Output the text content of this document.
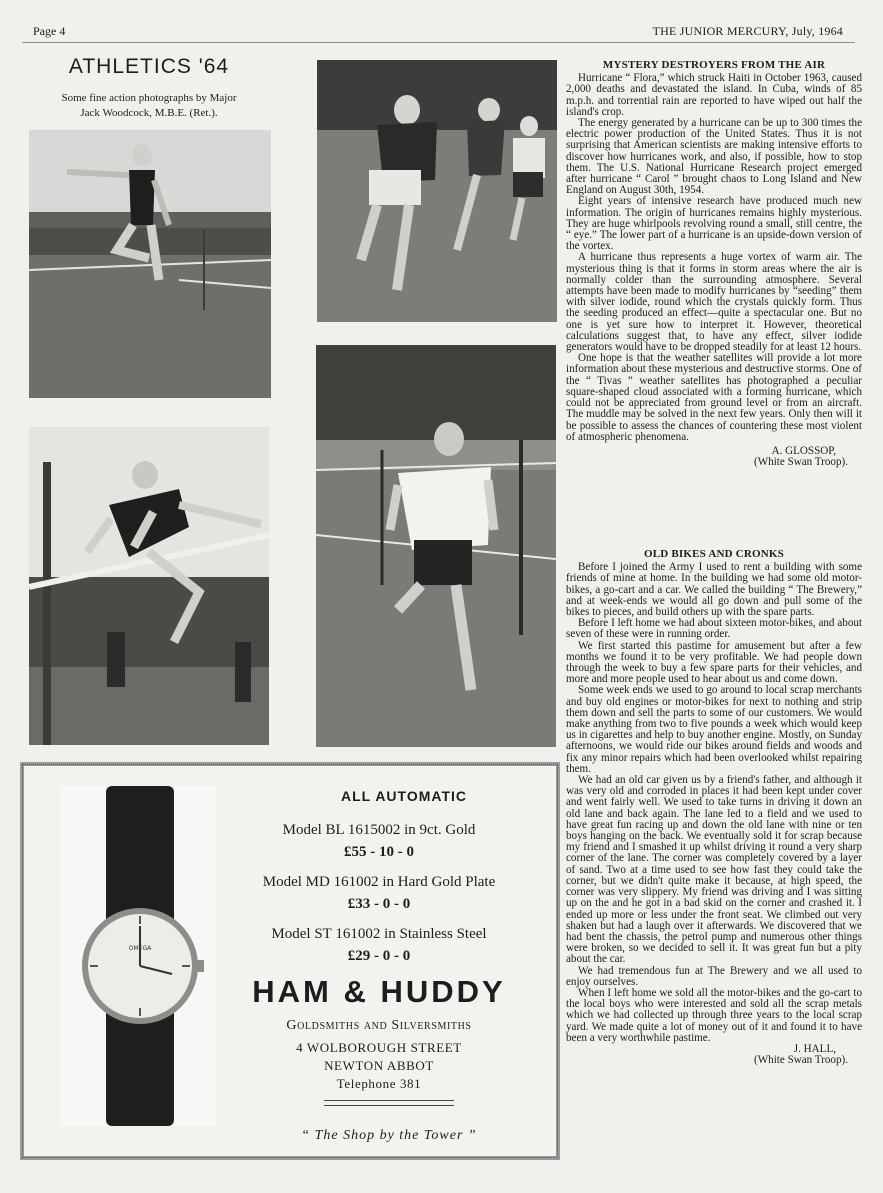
Page 4	THE JUNIOR MERCURY, July, 1964
ATHLETICS '64
Some fine action photographs by Major
Jack Woodcock, M.B.E. (Ret.).

MYSTERY DESTROYERS FROM THE AIR

Hurricane “ Flora,” which struck Haiti in October 1963, caused 2,000 deaths and devastated the island. In Cuba, winds of 85 m.p.h. and torrential rain are reported to have wiped out half the island's crop.

The energy generated by a hurricane can be up to 300 times the electric power production of the United States. Thus it is not surprising that American scientists are making intensive efforts to discover how hurricanes work, and also, if possible, how to stop them. The U.S. National Hurricane Research project emerged after hurricane “ Carol ” brought chaos to Long Island and New England on August 30th, 1954.

Eight years of intensive research have produced much new information. The origin of hurricanes remains highly mysterious. They are huge whirlpools revolving round a small, still centre, the “ eye.” The lower part of a hurricane is an upside-down version of the vortex.

A hurricane thus represents a huge vortex of warm air. The mysterious thing is that it forms in storm areas where the air is normally colder than the surrounding atmosphere. Several attempts have been made to modify hurricanes by “seeding” them with silver iodide, round which the crystals quickly form. Thus the seeding produced an effect—quite a spectacular one. But no one is yet sure how to interpret it. However, theoretical calculations suggest that, to have any effect, silver iodide generators would have to be dropped steadily for at least 12 hours.

One hope is that the weather satellites will provide a lot more information about these mysterious and destructive storms. One of the “ Tivas ” weather satellites has photographed a peculiar square-shaped cloud associated with a forming hurricane, which could not be appreciated from ground level or from an aircraft. The muddle may be solved in the next few years. Only then will it be possible to assess the chances of countering these most violent of atmospheric phenomena.

A. GLOSSOP,

(White Swan Troop).

OLD BIKES AND CRONKS

Before I joined the Army I used to rent a building with some friends of mine at home. In the building we had some old motor-bikes, a go-cart and a car. We called the building “ The Brewery,” and at week-ends we would all go down and pull some of the bikes to pieces, and build others up with the spare parts.

Before I left home we had about sixteen motor-bikes, and about seven of these were in running order.

We first started this pastime for amusement but after a few months we found it to be very profitable. We had people down through the week to buy a few spare parts for their vehicles, and more and more people used to hear about us and come down.

Some week ends we used to go around to local scrap merchants and buy old engines or motor-bikes for next to nothing and strip them down and sell the parts to some of our customers. We would make anything from two to five pounds a week which would keep us in cigarettes and help to buy another engine. Mostly, on Sunday afternoons, we would ride our bikes around fields and woods and fix any minor repairs which had been overlooked whilst repairing them.

We had an old car given us by a friend's father, and although it was very old and corroded in places it had been kept under cover and went fairly well. We used to take turns in driving it down an old lane and back again. The lane led to a field and we used to have great fun racing up and down the old lane with nine or ten boys hanging on the back. We eventually sold it for scrap because my friend and I smashed it up whilst driving it round a very sharp corner of the lane. The corner was completely covered by a layer of sand. Two at a time used to see how fast they could take the corner, but we didn't quite make it because, at high speed, the corner was very slippery. My friend was driving and I was sitting up on the and he got in a bad skid on the corner and crashed it. I ended up more or less under the front seat. We climbed out very shaken but had a laugh over it afterwards. We discovered that we had bent the chassis, the petrol pump and numerous other things were broken, so we decided to sell it. It was great fun but a pity about the car.

We had tremendous fun at The Brewery and we all used to enjoy ourselves.

When I left home we sold all the motor-bikes and the go-cart to the local boys who were interested and sold all the scrap metals which we had collected up through three years to the local scrap yard. We made quite a lot of money out of it and found it to have been a very worthwhile pastime.

J. HALL,

(White Swan Troop).

OMEGA
ALL AUTOMATIC
Model BL 1615002 in 9ct. Gold
£55 - 10 - 0
Model MD 161002 in Hard Gold Plate
£33 - 0 - 0
Model ST 161002 in Stainless Steel
£29 - 0 - 0
HAM & HUDDY
Goldsmiths and Silversmiths
4 WOLBOROUGH STREET
NEWTON ABBOT
Telephone 381
“ The Shop by the Tower ”
